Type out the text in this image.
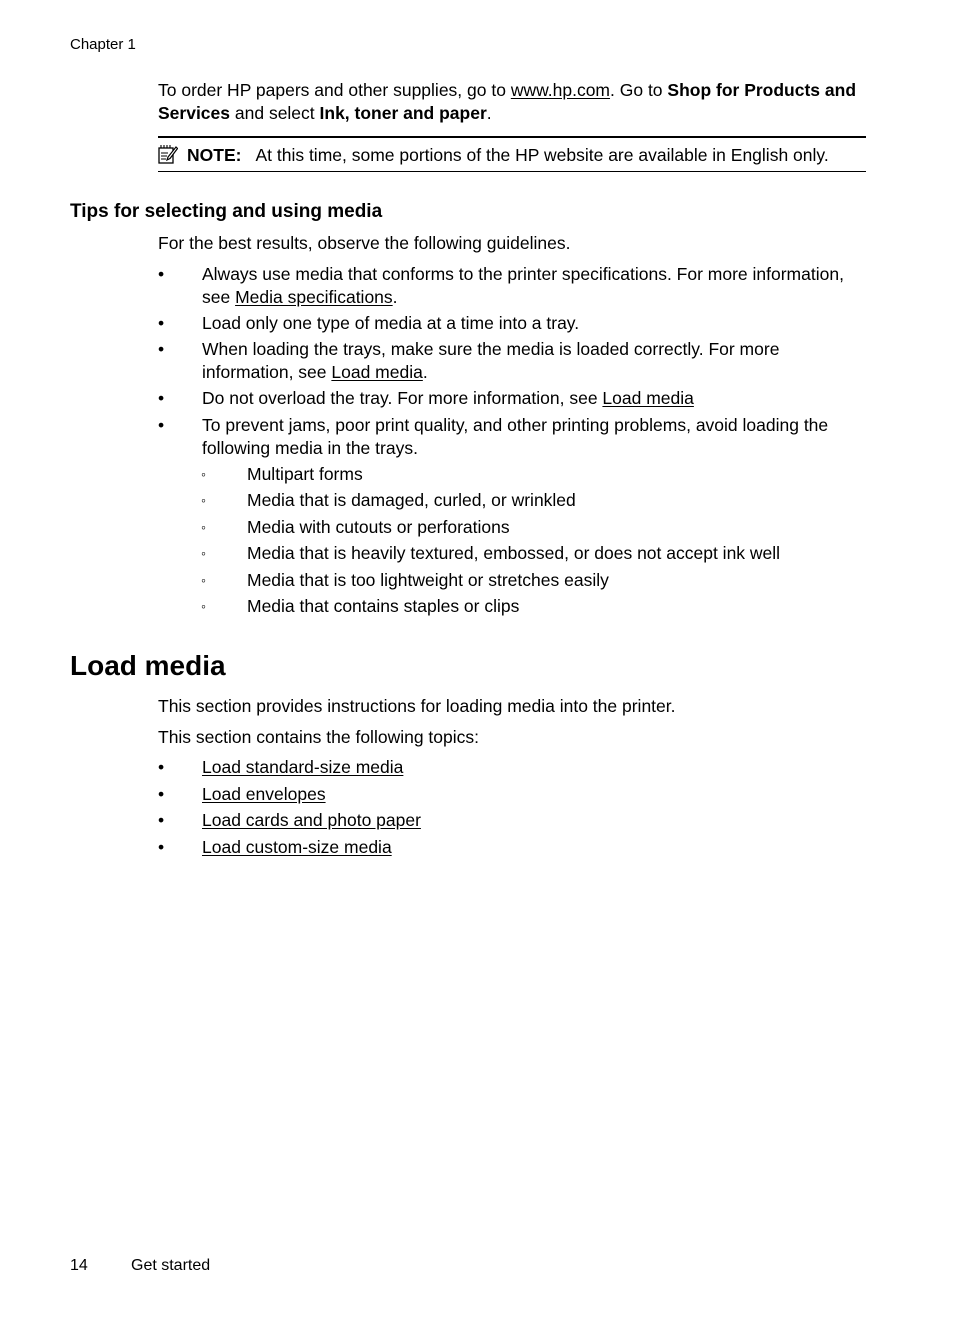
Chapter 1
To order HP papers and other supplies, go to www.hp.com. Go to Shop for Products and Services and select Ink, toner and paper.
NOTE: At this time, some portions of the HP website are available in English only.
Tips for selecting and using media
For the best results, observe the following guidelines.
• Always use media that conforms to the printer specifications. For more information, see Media specifications.
• Load only one type of media at a time into a tray.
• When loading the trays, make sure the media is loaded correctly. For more information, see Load media.
• Do not overload the tray. For more information, see Load media
• To prevent jams, poor print quality, and other printing problems, avoid loading the following media in the trays.
◦ Multipart forms
◦ Media that is damaged, curled, or wrinkled
◦ Media with cutouts or perforations
◦ Media that is heavily textured, embossed, or does not accept ink well
◦ Media that is too lightweight or stretches easily
◦ Media that contains staples or clips
Load media
This section provides instructions for loading media into the printer.
This section contains the following topics:
• Load standard-size media
• Load envelopes
• Load cards and photo paper
• Load custom-size media
14	Get started
